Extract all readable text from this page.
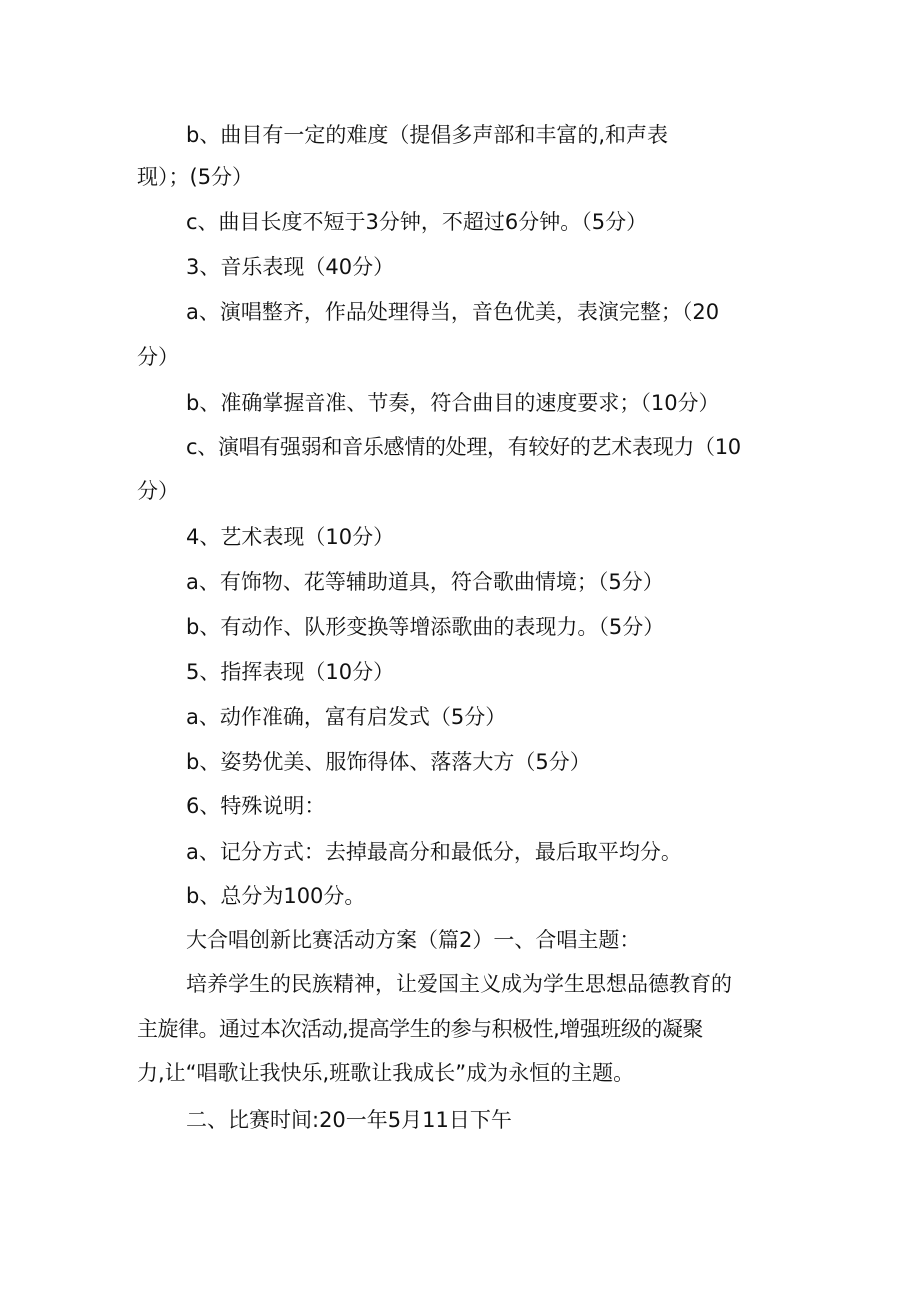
b、曲目有一定的难度（提倡多声部和丰富的,和声表

现）；(5分）

c、曲目长度不短于3分钟，不超过6分钟。（5分）

3、音乐表现（40分）

a、演唱整齐，作品处理得当，音色优美，表演完整；（20

分）

b、准确掌握音准、节奏，符合曲目的速度要求；（10分）

c、演唱有强弱和音乐感情的处理，有较好的艺术表现力（10

分）

4、艺术表现（10分）

a、有饰物、花等辅助道具，符合歌曲情境；（5分）

b、有动作、队形变换等增添歌曲的表现力。（5分）

5、指挥表现（10分）

a、动作准确，富有启发式（5分）

b、姿势优美、服饰得体、落落大方（5分）

6、特殊说明：

a、记分方式：去掉最高分和最低分，最后取平均分。

b、总分为100分。

大合唱创新比赛活动方案（篇2）一、合唱主题：

培养学生的民族精神，让爱国主义成为学生思想品德教育的

主旋律。通过本次活动,提高学生的参与积极性,增强班级的凝聚

力,让“唱歌让我快乐,班歌让我成长”成为永恒的主题。

二、比赛时间:20一年5月11日下午
